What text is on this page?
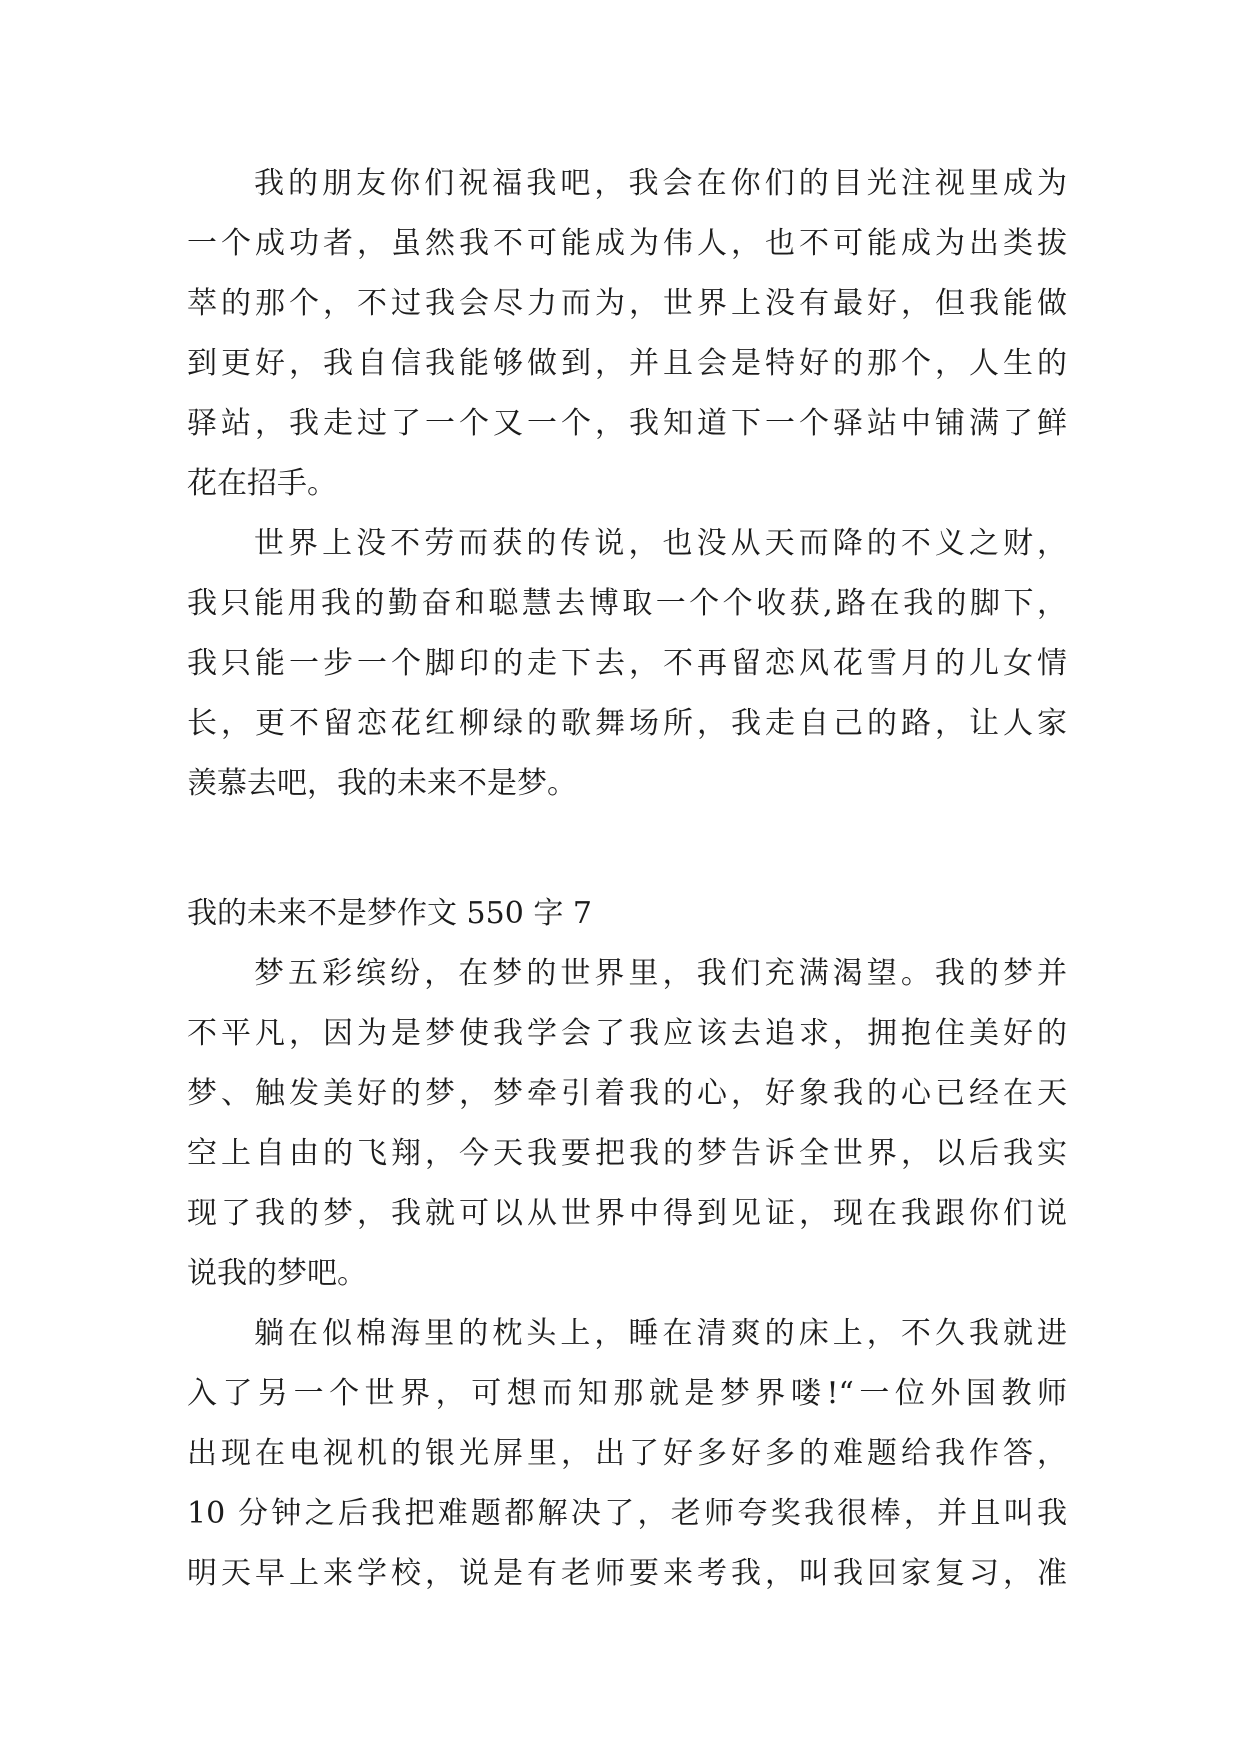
我的朋友你们祝福我吧，我会在你们的目光注视里成为
一个成功者，虽然我不可能成为伟人，也不可能成为出类拔
萃的那个，不过我会尽力而为，世界上没有最好，但我能做
到更好，我自信我能够做到，并且会是特好的那个，人生的
驿站，我走过了一个又一个，我知道下一个驿站中铺满了鲜
花在招手。
世界上没不劳而获的传说，也没从天而降的不义之财，
我只能用我的勤奋和聪慧去博取一个个收获,路在我的脚下，
我只能一步一个脚印的走下去，不再留恋风花雪月的儿女情
长，更不留恋花红柳绿的歌舞场所，我走自己的路，让人家
羡慕去吧，我的未来不是梦。
我的未来不是梦作文 550 字 7
梦五彩缤纷，在梦的世界里，我们充满渴望。我的梦并
不平凡，因为是梦使我学会了我应该去追求，拥抱住美好的
梦、触发美好的梦，梦牵引着我的心，好象我的心已经在天
空上自由的飞翔，今天我要把我的梦告诉全世界，以后我实
现了我的梦，我就可以从世界中得到见证，现在我跟你们说
说我的梦吧。
躺在似棉海里的枕头上，睡在清爽的床上，不久我就进
入了另一个世界，可想而知那就是梦界喽!“一位外国教师
出现在电视机的银光屏里，出了好多好多的难题给我作答，
10 分钟之后我把难题都解决了，老师夸奖我很棒，并且叫我
明天早上来学校，说是有老师要来考我，叫我回家复习，准
